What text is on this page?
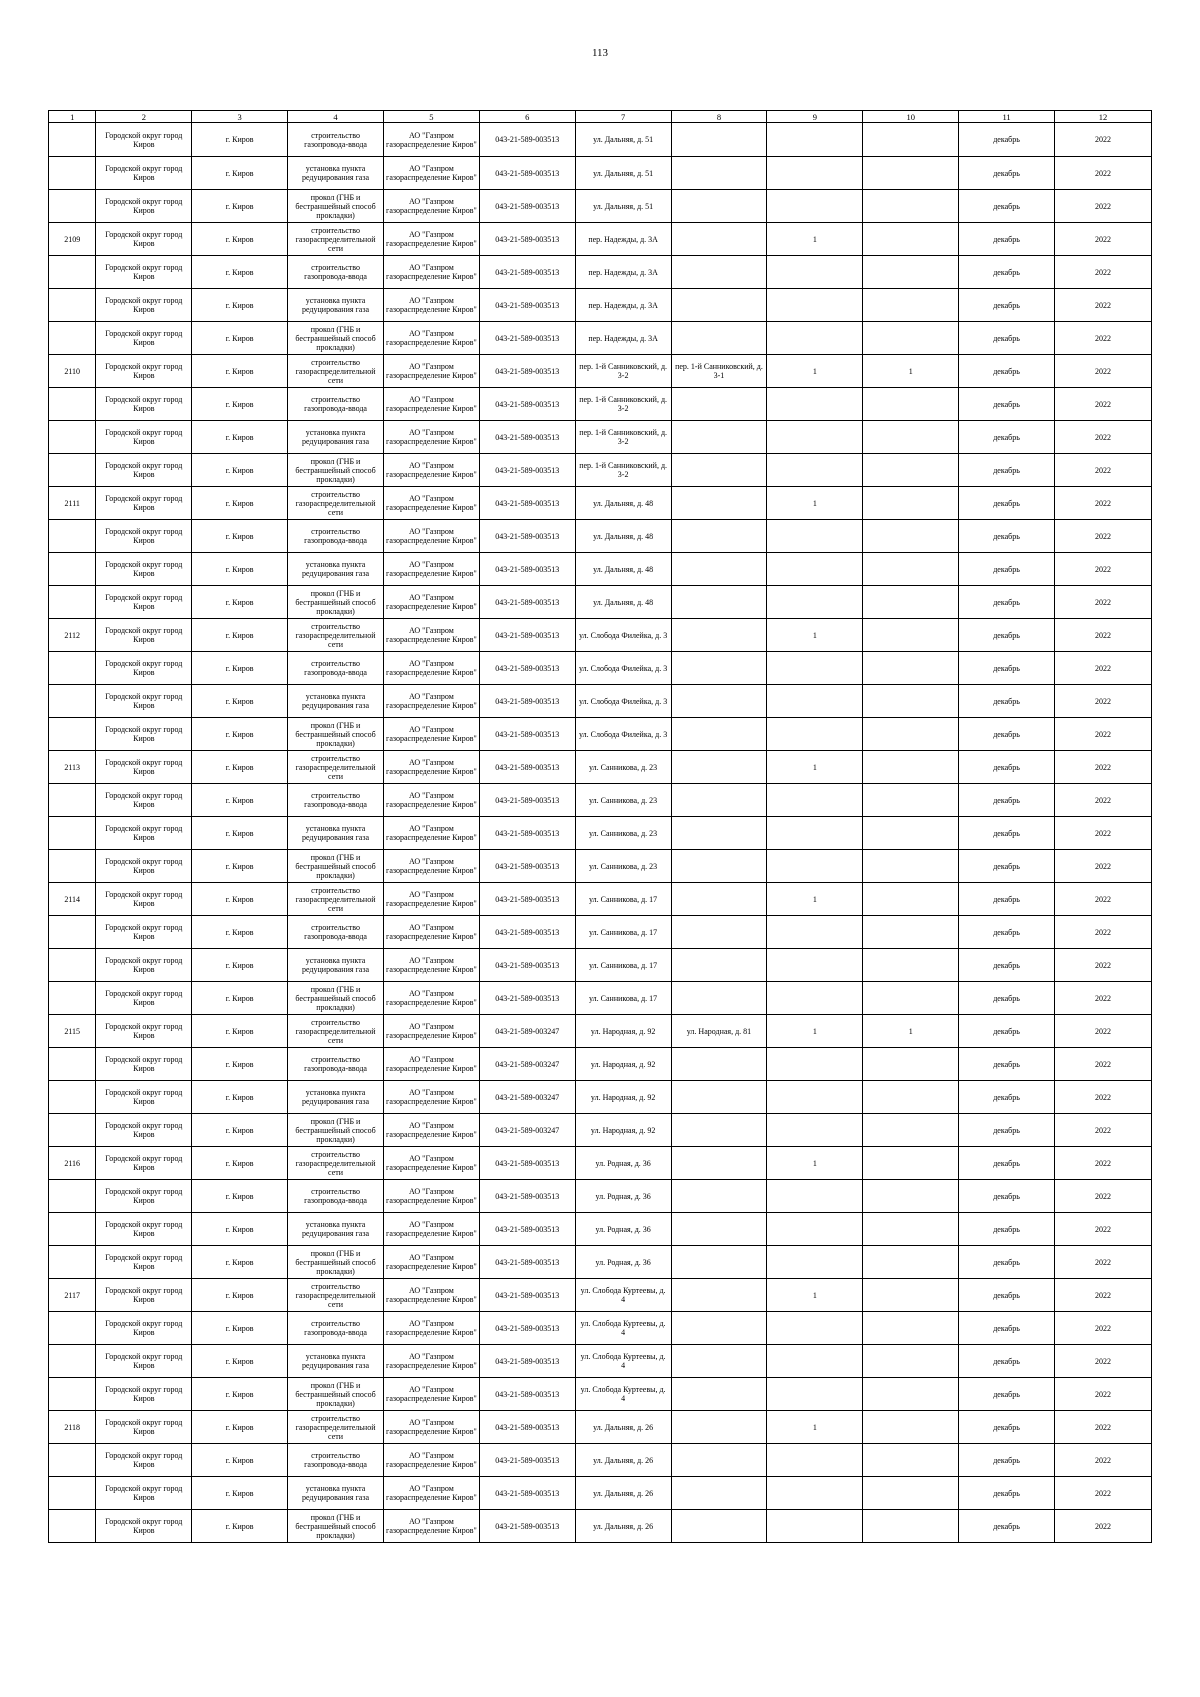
113
1	2	3	4	5	6	7	8	9	10	11	12
	Городской округ город Киров	г. Киров	строительство газопровода-ввода	АО "Газпром газораспределение Киров"	043-21-589-003513	ул. Дальняя, д. 51				декабрь	2022
	Городской округ город Киров	г. Киров	установка пункта редуцирования газа	АО "Газпром газораспределение Киров"	043-21-589-003513	ул. Дальняя, д. 51				декабрь	2022
	Городской округ город Киров	г. Киров	прокол (ГНБ и бестраншейный способ прокладки)	АО "Газпром газораспределение Киров"	043-21-589-003513	ул. Дальняя, д. 51				декабрь	2022
2109	Городской округ город Киров	г. Киров	строительство газораспределительной сети	АО "Газпром газораспределение Киров"	043-21-589-003513	пер. Надежды, д. 3А		1		декабрь	2022
	Городской округ город Киров	г. Киров	строительство газопровода-ввода	АО "Газпром газораспределение Киров"	043-21-589-003513	пер. Надежды, д. 3А				декабрь	2022
	Городской округ город Киров	г. Киров	установка пункта редуцирования газа	АО "Газпром газораспределение Киров"	043-21-589-003513	пер. Надежды, д. 3А				декабрь	2022
	Городской округ город Киров	г. Киров	прокол (ГНБ и бестраншейный способ прокладки)	АО "Газпром газораспределение Киров"	043-21-589-003513	пер. Надежды, д. 3А				декабрь	2022
2110	Городской округ город Киров	г. Киров	строительство газораспределительной сети	АО "Газпром газораспределение Киров"	043-21-589-003513	пер. 1-й Санниковский, д. 3-2	пер. 1-й Санниковский, д. 3-1	1	1	декабрь	2022
	Городской округ город Киров	г. Киров	строительство газопровода-ввода	АО "Газпром газораспределение Киров"	043-21-589-003513	пер. 1-й Санниковский, д. 3-2				декабрь	2022
	Городской округ город Киров	г. Киров	установка пункта редуцирования газа	АО "Газпром газораспределение Киров"	043-21-589-003513	пер. 1-й Санниковский, д. 3-2				декабрь	2022
	Городской округ город Киров	г. Киров	прокол (ГНБ и бестраншейный способ прокладки)	АО "Газпром газораспределение Киров"	043-21-589-003513	пер. 1-й Санниковский, д. 3-2				декабрь	2022
2111	Городской округ город Киров	г. Киров	строительство газораспределительной сети	АО "Газпром газораспределение Киров"	043-21-589-003513	ул. Дальняя, д. 48		1		декабрь	2022
	Городской округ город Киров	г. Киров	строительство газопровода-ввода	АО "Газпром газораспределение Киров"	043-21-589-003513	ул. Дальняя, д. 48				декабрь	2022
	Городской округ город Киров	г. Киров	установка пункта редуцирования газа	АО "Газпром газораспределение Киров"	043-21-589-003513	ул. Дальняя, д. 48				декабрь	2022
	Городской округ город Киров	г. Киров	прокол (ГНБ и бестраншейный способ прокладки)	АО "Газпром газораспределение Киров"	043-21-589-003513	ул. Дальняя, д. 48				декабрь	2022
2112	Городской округ город Киров	г. Киров	строительство газораспределительной сети	АО "Газпром газораспределение Киров"	043-21-589-003513	ул. Слобода Филейка, д. 3		1		декабрь	2022
	Городской округ город Киров	г. Киров	строительство газопровода-ввода	АО "Газпром газораспределение Киров"	043-21-589-003513	ул. Слобода Филейка, д. 3				декабрь	2022
	Городской округ город Киров	г. Киров	установка пункта редуцирования газа	АО "Газпром газораспределение Киров"	043-21-589-003513	ул. Слобода Филейка, д. 3				декабрь	2022
	Городской округ город Киров	г. Киров	прокол (ГНБ и бестраншейный способ прокладки)	АО "Газпром газораспределение Киров"	043-21-589-003513	ул. Слобода Филейка, д. 3				декабрь	2022
2113	Городской округ город Киров	г. Киров	строительство газораспределительной сети	АО "Газпром газораспределение Киров"	043-21-589-003513	ул. Санникова, д. 23		1		декабрь	2022
	Городской округ город Киров	г. Киров	строительство газопровода-ввода	АО "Газпром газораспределение Киров"	043-21-589-003513	ул. Санникова, д. 23				декабрь	2022
	Городской округ город Киров	г. Киров	установка пункта редуцирования газа	АО "Газпром газораспределение Киров"	043-21-589-003513	ул. Санникова, д. 23				декабрь	2022
	Городской округ город Киров	г. Киров	прокол (ГНБ и бестраншейный способ прокладки)	АО "Газпром газораспределение Киров"	043-21-589-003513	ул. Санникова, д. 23				декабрь	2022
2114	Городской округ город Киров	г. Киров	строительство газораспределительной сети	АО "Газпром газораспределение Киров"	043-21-589-003513	ул. Санникова, д. 17		1		декабрь	2022
	Городской округ город Киров	г. Киров	строительство газопровода-ввода	АО "Газпром газораспределение Киров"	043-21-589-003513	ул. Санникова, д. 17				декабрь	2022
	Городской округ город Киров	г. Киров	установка пункта редуцирования газа	АО "Газпром газораспределение Киров"	043-21-589-003513	ул. Санникова, д. 17				декабрь	2022
	Городской округ город Киров	г. Киров	прокол (ГНБ и бестраншейный способ прокладки)	АО "Газпром газораспределение Киров"	043-21-589-003513	ул. Санникова, д. 17				декабрь	2022
2115	Городской округ город Киров	г. Киров	строительство газораспределительной сети	АО "Газпром газораспределение Киров"	043-21-589-003247	ул. Народная, д. 92	ул. Народная, д. 81	1	1	декабрь	2022
	Городской округ город Киров	г. Киров	строительство газопровода-ввода	АО "Газпром газораспределение Киров"	043-21-589-003247	ул. Народная, д. 92				декабрь	2022
	Городской округ город Киров	г. Киров	установка пункта редуцирования газа	АО "Газпром газораспределение Киров"	043-21-589-003247	ул. Народная, д. 92				декабрь	2022
	Городской округ город Киров	г. Киров	прокол (ГНБ и бестраншейный способ прокладки)	АО "Газпром газораспределение Киров"	043-21-589-003247	ул. Народная, д. 92				декабрь	2022
2116	Городской округ город Киров	г. Киров	строительство газораспределительной сети	АО "Газпром газораспределение Киров"	043-21-589-003513	ул. Родная, д. 36		1		декабрь	2022
	Городской округ город Киров	г. Киров	строительство газопровода-ввода	АО "Газпром газораспределение Киров"	043-21-589-003513	ул. Родная, д. 36				декабрь	2022
	Городской округ город Киров	г. Киров	установка пункта редуцирования газа	АО "Газпром газораспределение Киров"	043-21-589-003513	ул. Родная, д. 36				декабрь	2022
	Городской округ город Киров	г. Киров	прокол (ГНБ и бестраншейный способ прокладки)	АО "Газпром газораспределение Киров"	043-21-589-003513	ул. Родная, д. 36				декабрь	2022
2117	Городской округ город Киров	г. Киров	строительство газораспределительной сети	АО "Газпром газораспределение Киров"	043-21-589-003513	ул. Слобода Куртеевы, д. 4		1		декабрь	2022
	Городской округ город Киров	г. Киров	строительство газопровода-ввода	АО "Газпром газораспределение Киров"	043-21-589-003513	ул. Слобода Куртеевы, д. 4				декабрь	2022
	Городской округ город Киров	г. Киров	установка пункта редуцирования газа	АО "Газпром газораспределение Киров"	043-21-589-003513	ул. Слобода Куртеевы, д. 4				декабрь	2022
	Городской округ город Киров	г. Киров	прокол (ГНБ и бестраншейный способ прокладки)	АО "Газпром газораспределение Киров"	043-21-589-003513	ул. Слобода Куртеевы, д. 4				декабрь	2022
2118	Городской округ город Киров	г. Киров	строительство газораспределительной сети	АО "Газпром газораспределение Киров"	043-21-589-003513	ул. Дальняя, д. 26		1		декабрь	2022
	Городской округ город Киров	г. Киров	строительство газопровода-ввода	АО "Газпром газораспределение Киров"	043-21-589-003513	ул. Дальняя, д. 26				декабрь	2022
	Городской округ город Киров	г. Киров	установка пункта редуцирования газа	АО "Газпром газораспределение Киров"	043-21-589-003513	ул. Дальняя, д. 26				декабрь	2022
	Городской округ город Киров	г. Киров	прокол (ГНБ и бестраншейный способ прокладки)	АО "Газпром газораспределение Киров"	043-21-589-003513	ул. Дальняя, д. 26				декабрь	2022
